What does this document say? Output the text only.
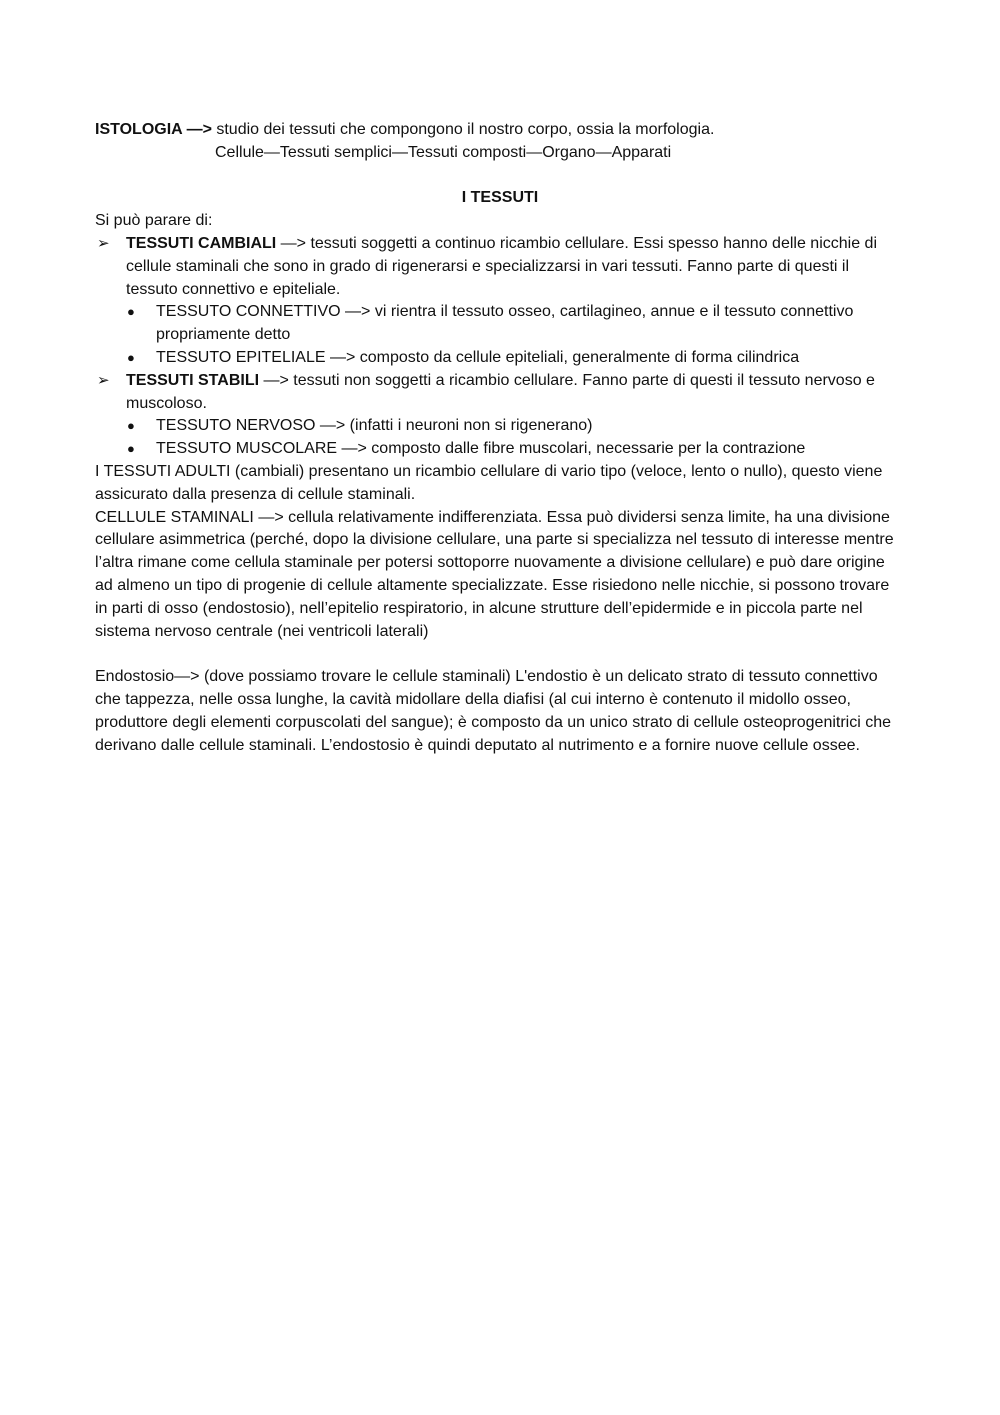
ISTOLOGIA —> studio dei tessuti che compongono il nostro corpo, ossia la morfologia.

Cellule—Tessuti semplici—Tessuti composti—Organo—Apparati

I TESSUTI

Si può parare di:

➢ TESSUTI CAMBIALI —> tessuti soggetti a continuo ricambio cellulare. Essi spesso hanno delle nicchie di cellule staminali che sono in grado di rigenerarsi e specializzarsi in vari tessuti. Fanno parte di questi il tessuto connettivo e epiteliale.
● TESSUTO CONNETTIVO —> vi rientra il tessuto osseo, cartilagineo, annue e il tessuto connettivo propriamente detto
● TESSUTO EPITELIALE —> composto da cellule epiteliali, generalmente di forma cilindrica
➢ TESSUTI STABILI —> tessuti non soggetti a ricambio cellulare. Fanno parte di questi il tessuto nervoso e muscoloso.
● TESSUTO NERVOSO —> (infatti i neuroni non si rigenerano)
● TESSUTO MUSCOLARE —> composto dalle fibre muscolari, necessarie per la contrazione

I TESSUTI ADULTI (cambiali) presentano un ricambio cellulare di vario tipo (veloce, lento o nullo), questo viene assicurato dalla presenza di cellule staminali.

CELLULE STAMINALI —> cellula relativamente indifferenziata. Essa può dividersi senza limite, ha una divisione cellulare asimmetrica (perché, dopo la divisione cellulare, una parte si specializza nel tessuto di interesse mentre l’altra rimane come cellula staminale per potersi sottoporre nuovamente a divisione cellulare) e può dare origine ad almeno un tipo di progenie di cellule altamente specializzate. Esse risiedono nelle nicchie, si possono trovare in parti di osso (endostosio), nell’epitelio respiratorio, in alcune strutture dell’epidermide e in piccola parte nel sistema nervoso centrale (nei ventricoli laterali)

Endostosio—> (dove possiamo trovare le cellule staminali) L'endostio è un delicato strato di tessuto connettivo che tappezza, nelle ossa lunghe, la cavità midollare della diafisi (al cui interno è contenuto il midollo osseo, produttore degli elementi corpuscolati del sangue); è composto da un unico strato di cellule osteoprogenitrici che derivano dalle cellule staminali. L’endostosio è quindi deputato al nutrimento e a fornire nuove cellule ossee.
